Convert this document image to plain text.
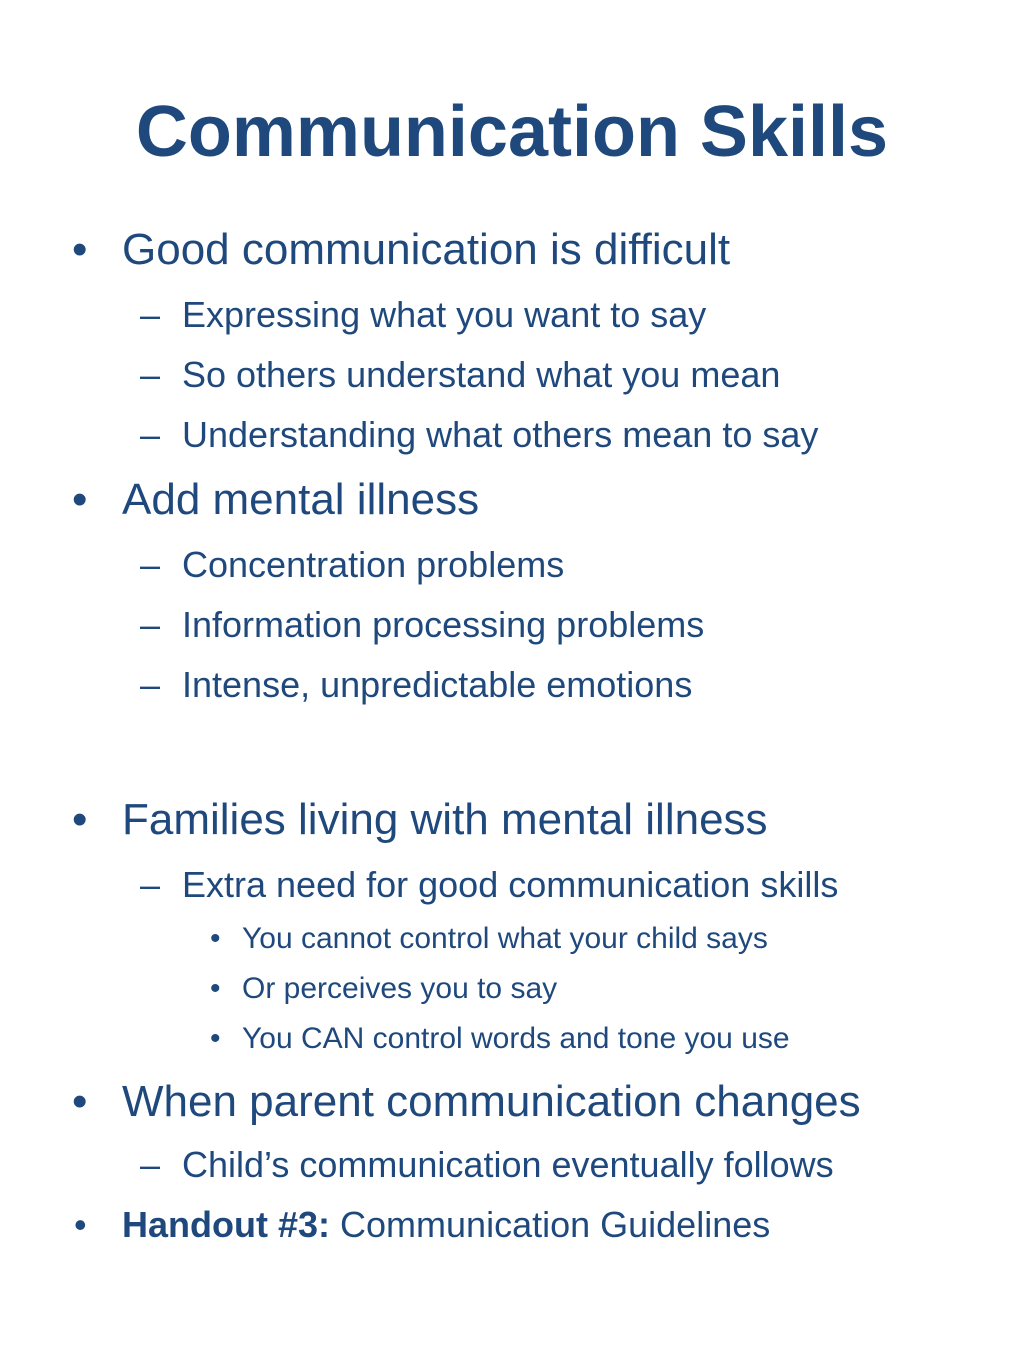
Communication Skills
• Good communication is difficult
– Expressing what you want to say
– So others understand what you mean
– Understanding what others mean to say
• Add mental illness
– Concentration problems
– Information processing problems
– Intense, unpredictable emotions
• Families living with mental illness
– Extra need for good communication skills
• You cannot control what your child says
• Or perceives you to say
• You CAN control words and tone you use
• When parent communication changes
– Child’s communication eventually follows
• Handout #3: Communication Guidelines
